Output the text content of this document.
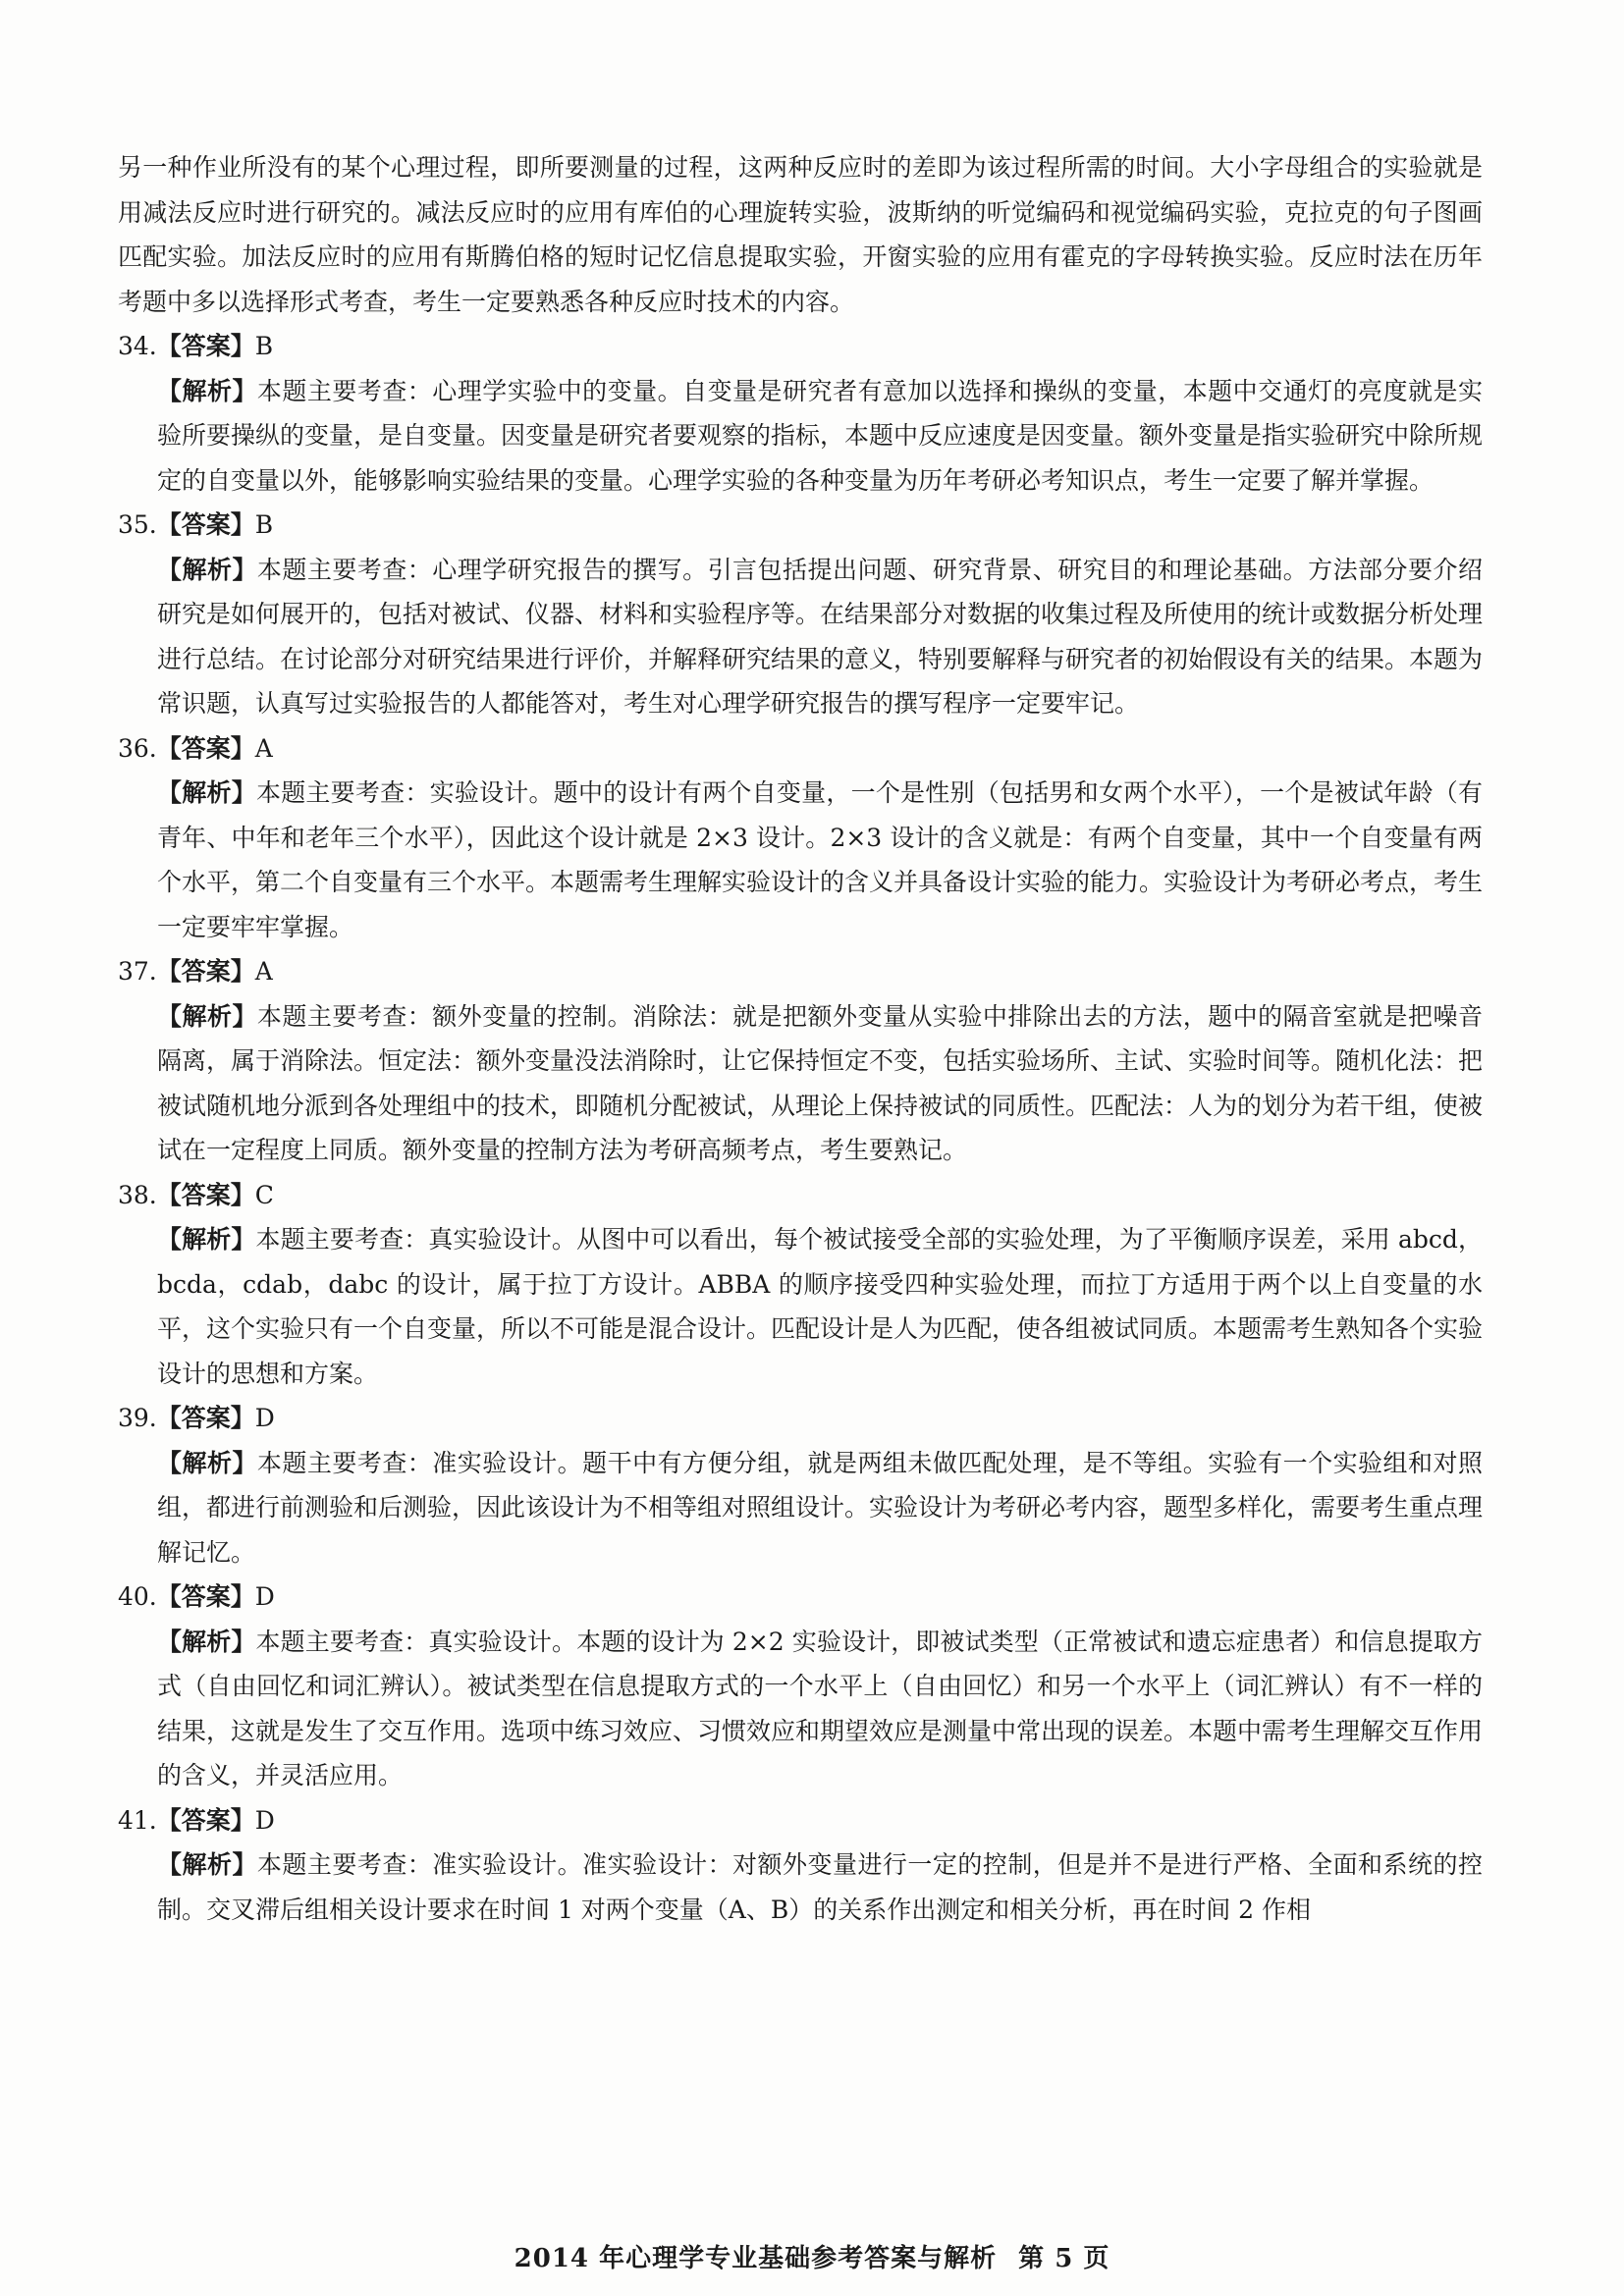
另一种作业所没有的某个心理过程，即所要测量的过程，这两种反应时的差即为该过程所需的时间。大小字母组合的实验就是用减法反应时进行研究的。减法反应时的应用有库伯的心理旋转实验，波斯纳的听觉编码和视觉编码实验，克拉克的句子图画匹配实验。加法反应时的应用有斯腾伯格的短时记忆信息提取实验，开窗实验的应用有霍克的字母转换实验。反应时法在历年考题中多以选择形式考查，考生一定要熟悉各种反应时技术的内容。

34.【答案】B

【解析】本题主要考查：心理学实验中的变量。自变量是研究者有意加以选择和操纵的变量，本题中交通灯的亮度就是实验所要操纵的变量，是自变量。因变量是研究者要观察的指标，本题中反应速度是因变量。额外变量是指实验研究中除所规定的自变量以外，能够影响实验结果的变量。心理学实验的各种变量为历年考研必考知识点，考生一定要了解并掌握。

35.【答案】B

【解析】本题主要考查：心理学研究报告的撰写。引言包括提出问题、研究背景、研究目的和理论基础。方法部分要介绍研究是如何展开的，包括对被试、仪器、材料和实验程序等。在结果部分对数据的收集过程及所使用的统计或数据分析处理进行总结。在讨论部分对研究结果进行评价，并解释研究结果的意义，特别要解释与研究者的初始假设有关的结果。本题为常识题，认真写过实验报告的人都能答对，考生对心理学研究报告的撰写程序一定要牢记。

36.【答案】A

【解析】本题主要考查：实验设计。题中的设计有两个自变量，一个是性别（包括男和女两个水平），一个是被试年龄（有青年、中年和老年三个水平），因此这个设计就是 2×3 设计。2×3 设计的含义就是：有两个自变量，其中一个自变量有两个水平，第二个自变量有三个水平。本题需考生理解实验设计的含义并具备设计实验的能力。实验设计为考研必考点，考生一定要牢牢掌握。

37.【答案】A

【解析】本题主要考查：额外变量的控制。消除法：就是把额外变量从实验中排除出去的方法，题中的隔音室就是把噪音隔离，属于消除法。恒定法：额外变量没法消除时，让它保持恒定不变，包括实验场所、主试、实验时间等。随机化法：把被试随机地分派到各处理组中的技术，即随机分配被试，从理论上保持被试的同质性。匹配法：人为的划分为若干组，使被试在一定程度上同质。额外变量的控制方法为考研高频考点，考生要熟记。

38.【答案】C

【解析】本题主要考查：真实验设计。从图中可以看出，每个被试接受全部的实验处理，为了平衡顺序误差，采用 abcd，bcda，cdab，dabc 的设计，属于拉丁方设计。ABBA 的顺序接受四种实验处理，而拉丁方适用于两个以上自变量的水平，这个实验只有一个自变量，所以不可能是混合设计。匹配设计是人为匹配，使各组被试同质。本题需考生熟知各个实验设计的思想和方案。

39.【答案】D

【解析】本题主要考查：准实验设计。题干中有方便分组，就是两组未做匹配处理，是不等组。实验有一个实验组和对照组，都进行前测验和后测验，因此该设计为不相等组对照组设计。实验设计为考研必考内容，题型多样化，需要考生重点理解记忆。

40.【答案】D

【解析】本题主要考查：真实验设计。本题的设计为 2×2 实验设计，即被试类型（正常被试和遗忘症患者）和信息提取方式（自由回忆和词汇辨认）。被试类型在信息提取方式的一个水平上（自由回忆）和另一个水平上（词汇辨认）有不一样的结果，这就是发生了交互作用。选项中练习效应、习惯效应和期望效应是测量中常出现的误差。本题中需考生理解交互作用的含义，并灵活应用。

41.【答案】D

【解析】本题主要考查：准实验设计。准实验设计：对额外变量进行一定的控制，但是并不是进行严格、全面和系统的控制。交叉滞后组相关设计要求在时间 1 对两个变量（A、B）的关系作出测定和相关分析，再在时间 2 作相

2014 年心理学专业基础参考答案与解析 第 5 页
